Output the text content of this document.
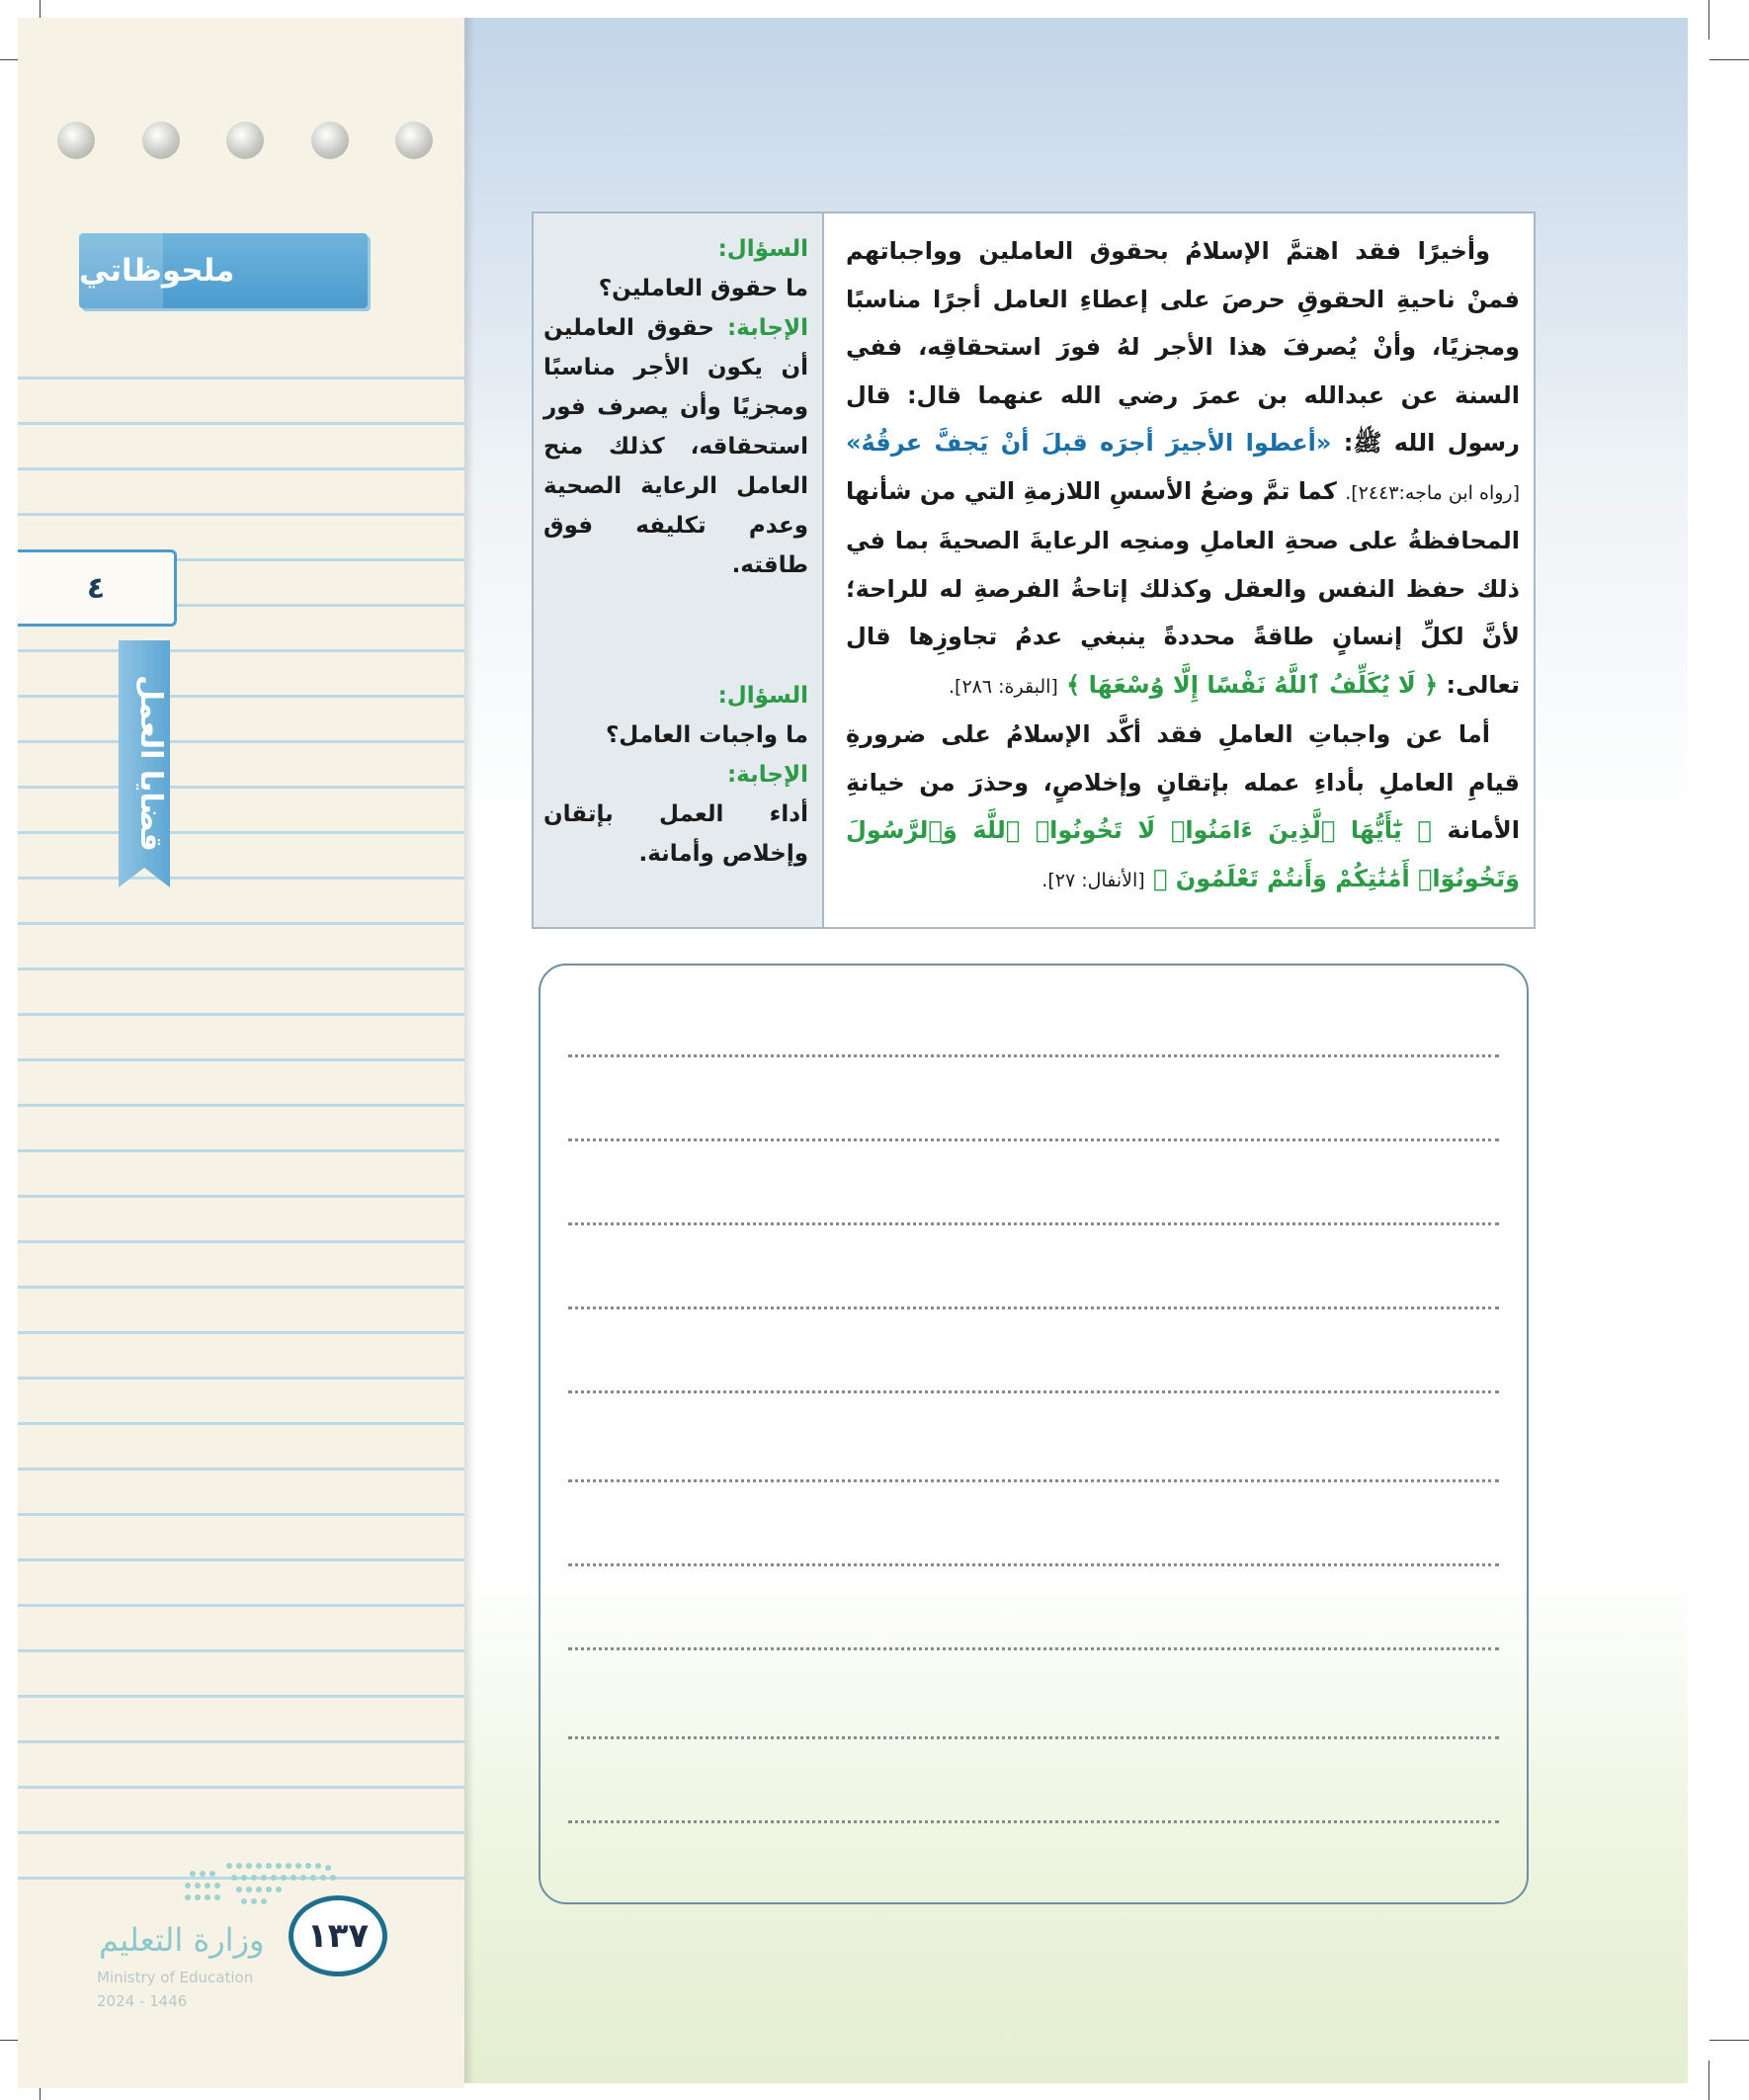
ملحوظاتي
٤
قضايا العمل
١٣٧
وزارة التعليم
Ministry of Education
2024 - 1446
السؤال:
ما حقوق العاملين؟
الإجابة: حقوق العاملين أن يكون الأجر مناسبًا ومجزيًا وأن يصرف فور استحقاقه، كذلك منح العامل الرعاية الصحية وعدم تكليفه فوق طاقته.
السؤال:
ما واجبات العامل؟
الإجابة:
أداء العمل بإتقان وإخلاص وأمانة.

وأخيرًا فقد اهتمَّ الإسلامُ بحقوق العاملين وواجباتهم فمنْ ناحيةِ الحقوقِ حرصَ على إعطاءِ العامل أجرًا مناسبًا ومجزيًا، وأنْ يُصرفَ هذا الأجر لهُ فورَ استحقاقِه، ففي السنة عن عبدالله بن عمرَ رضي الله عنهما قال: قال رسول الله ﷺ: «أعطوا الأجيرَ أجرَه قبلَ أنْ يَجفَّ عرقُهُ» [رواه ابن ماجه:٢٤٤٣]. كما تمَّ وضعُ الأسسِ اللازمةِ التي من شأنها المحافظةُ على صحةِ العاملِ ومنحِه الرعايةَ الصحيةَ بما في ذلك حفظ النفس والعقل وكذلك إتاحةُ الفرصةِ له للراحة؛ لأنَّ لكلِّ إنسانٍ طاقةً محددةً ينبغي عدمُ تجاوزِها قال تعالى: ﴿ لَا يُكَلِّفُ ٱللَّهُ نَفْسًا إِلَّا وُسْعَهَا ﴾ [البقرة: ٢٨٦].

أما عن واجباتِ العاملِ فقد أكَّد الإسلامُ على ضرورةِ قيامِ العاملِ بأداءِ عمله بإتقانٍ وإخلاصٍ، وحذرَ من خيانةِ الأمانة ﴿ يَٰٓأَيُّهَا ٱلَّذِينَ ءَامَنُوا۟ لَا تَخُونُوا۟ ٱللَّهَ وَٱلرَّسُولَ وَتَخُونُوٓا۟ أَمَٰنَٰتِكُمْ وَأَنتُمْ تَعْلَمُونَ ﴾ [الأنفال: ٢٧].
